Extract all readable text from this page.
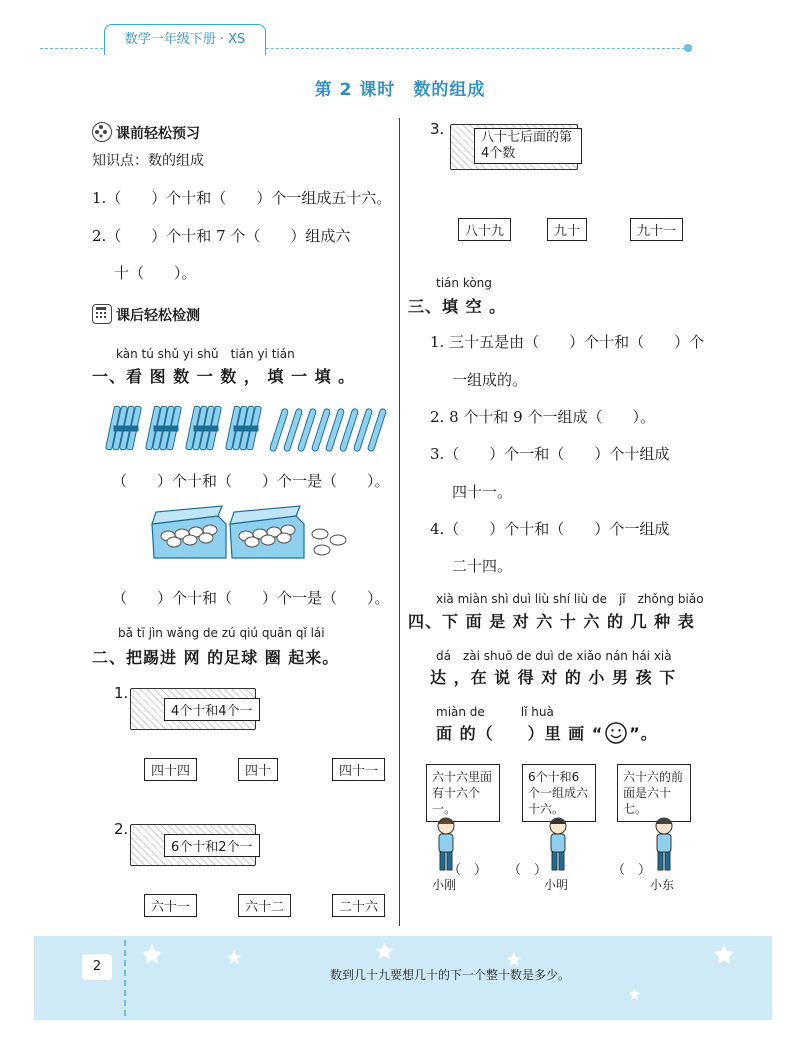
数学一年级下册 · XS
第 2 课时　数的组成
课前轻松预习
知识点：数的组成
1.（　　）个十和（　　）个一组成五十六。
2.（　　）个十和 7 个（　　）组成六
十（　　）。
课后轻松检测
kàn tú shǔ yi shǔ　tián yi tián
一、看 图 数 一 数 ， 填 一 填 。
（　　）个十和（　　）个一是（　　）。
（　　）个十和（　　）个一是（　　）。
bǎ tī jìn wǎng de zú qiú quān qǐ lái
二、把踢进 网 的足球 圈 起来。
1.
4个十和4个一
四十四	四十	四十一
2.
6个十和2个一
六十一	六十二	二十六
3.	八十七后面的第4个数
八十九	九十	九十一
tián kòng
三、填 空 。
1. 三十五是由（　　）个十和（　　）个
一组成的。
2. 8 个十和 9 个一组成（　　）。
3.（　　）个一和（　　）个十组成
四十一。
4.（　　）个十和（　　）个一组成
二十四。
xià miàn shì duì liù shí liù de　jǐ　zhǒng biǎo
四、下 面 是 对 六 十 六 的 几 种 表
dá　zài shuō de duì de xiǎo nán hái xià
达 ，在 说 得 对 的 小 男 孩 下
miàn de　　　lǐ huà
面 的（　　）里 画 “ ”。
六十六里面有十六个一。
6个十和6个一组成六十六。
六十六的前面是六十七。
（　） （　）	（　）
小刚	小明	小东
2
数到几十九要想几十的下一个整十数是多少。
